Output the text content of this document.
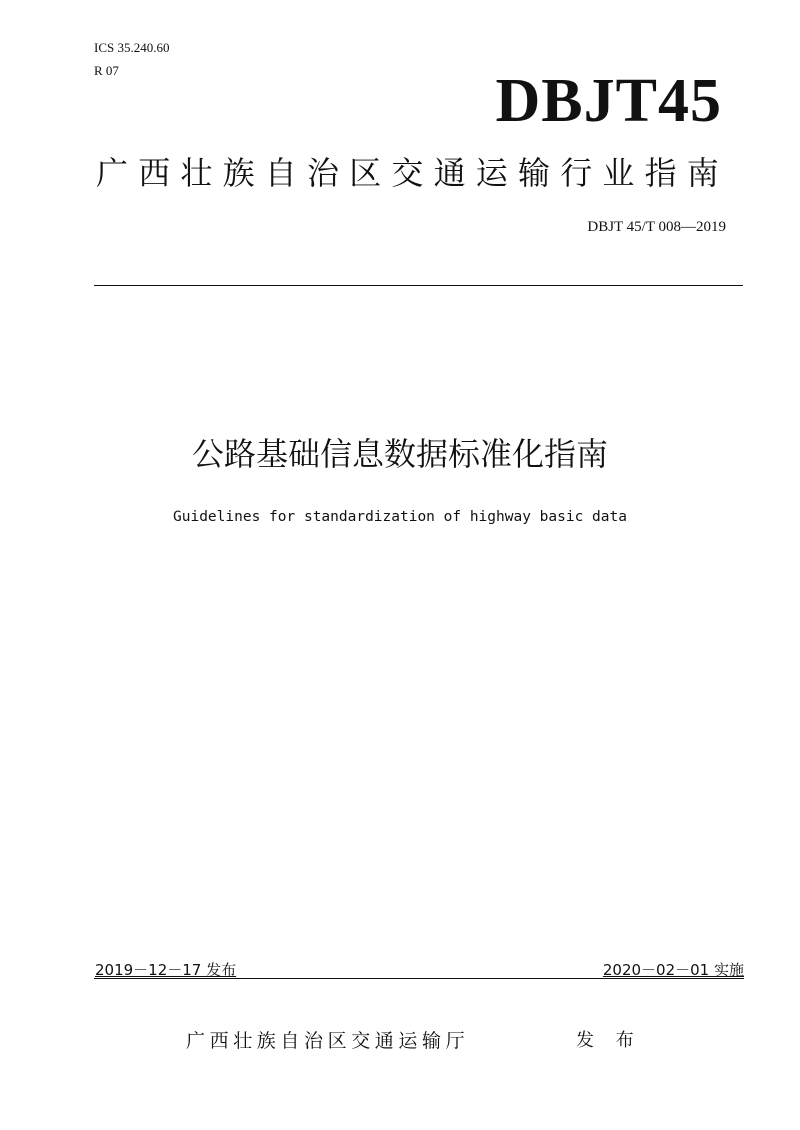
ICS 35.240.60
R 07	DBJT45
广西壮族自治区交通运输行业指南
DBJT 45/T 008—2019
公路基础信息数据标准化指南
Guidelines for standardization of highway basic data
2019－12－17 发布	2020－02－01 实施
广西壮族自治区交通运输厅	发 布
